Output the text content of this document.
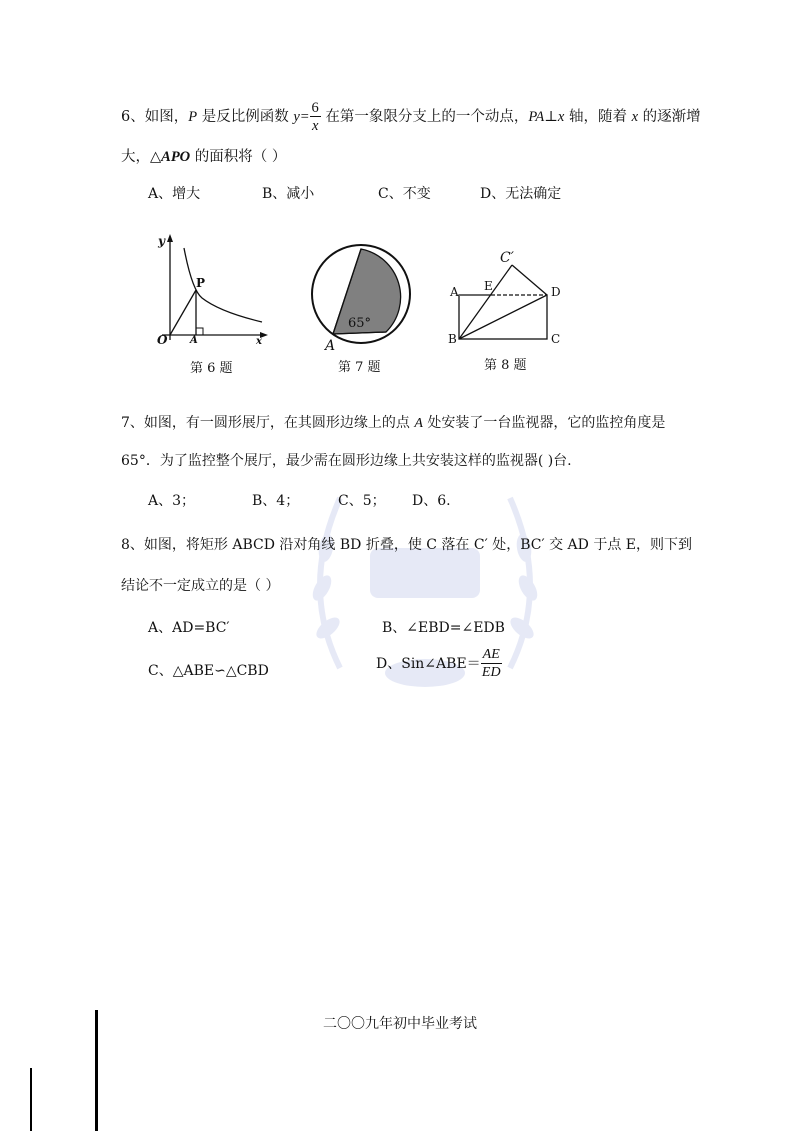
6、如图，P 是反比例函数 $y= \frac{6}{x}$ 在第一象限分支上的一个动点，PA⊥x 轴，随着 x 的逐渐增
大，△APO 的面积将（ ）
A、增大	B、减小	C、不变	D、无法确定
y
P
O A	x
第 6 题
65°
A
第 7 题
C′
A E	D
B	C
第 8 题
7、如图，有一圆形展厅，在其圆形边缘上的点 A 处安装了一台监视器，它的监控角度是
65°．为了监控整个展厅，最少需在圆形边缘上共安装这样的监视器( )台.
A、3；	B、4；	C、5； D、6.
8、如图，将矩形 ABCD 沿对角线 BD 折叠，使 C 落在 C′ 处，BC′ 交 AD 于点 E，则下到
结论不一定成立的是（ ）
A、AD=BC′	B、∠EBD=∠EDB
C、△ABE∽△CBD	D、Sin∠ABE＝ $\frac{AE}{ED}$
二〇〇九年初中毕业考试
